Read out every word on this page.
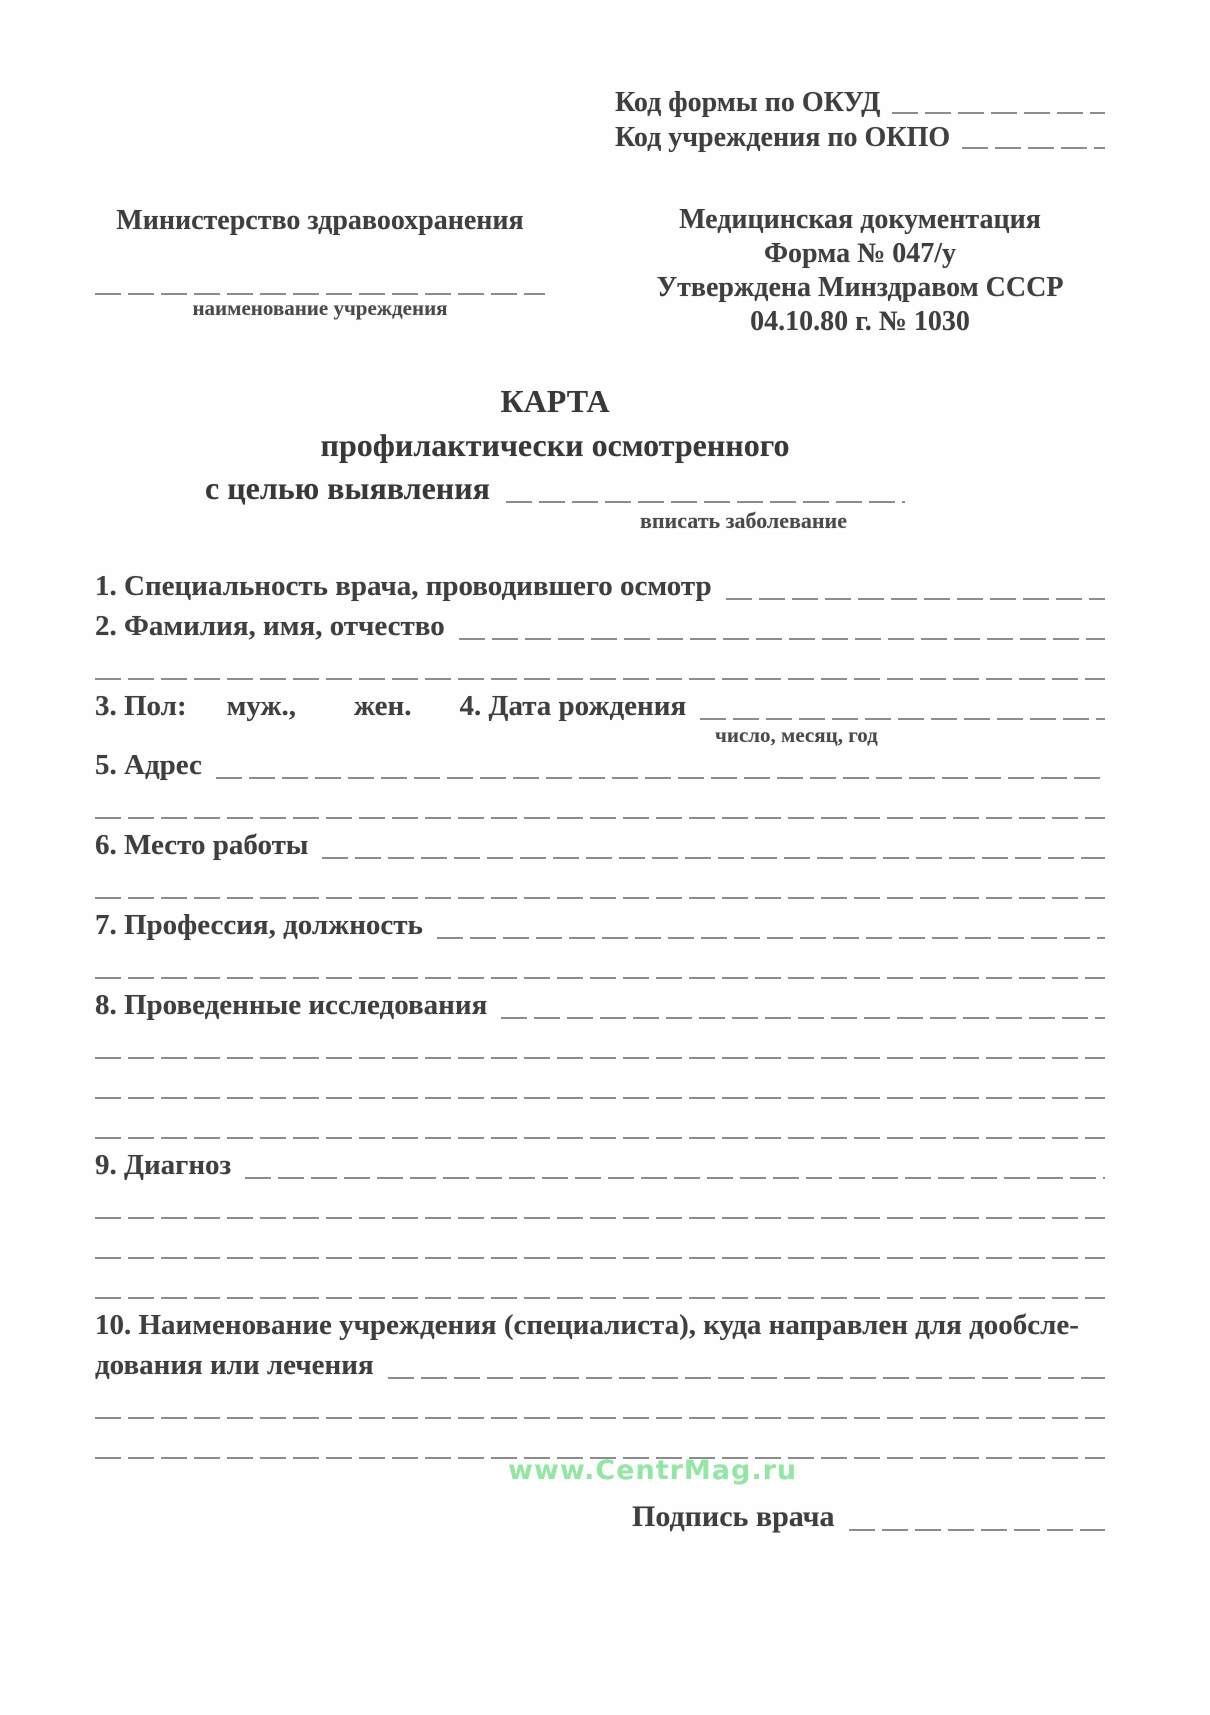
Код формы по ОКУД
Код учреждения по ОКПО
Министерство здравоохранения
наименование учреждения
Медицинская документация
Форма № 047/у
Утверждена Минздравом СССР
04.10.80 г. № 1030
КАРТА
профилактически осмотренного
с целью выявления
вписать заболевание
1. Специальность врача, проводившего осмотр
2. Фамилия, имя, отчество
3. Пол:	муж.,	жен.	4. Дата рождения
число, месяц, год
5. Адрес
6. Место работы
7. Профессия, должность
8. Проведенные исследования
9. Диагноз
10. Наименование учреждения (специалиста), куда направлен для дообсле-
дования или лечения
Подпись врача
www.CentrMag.ru
